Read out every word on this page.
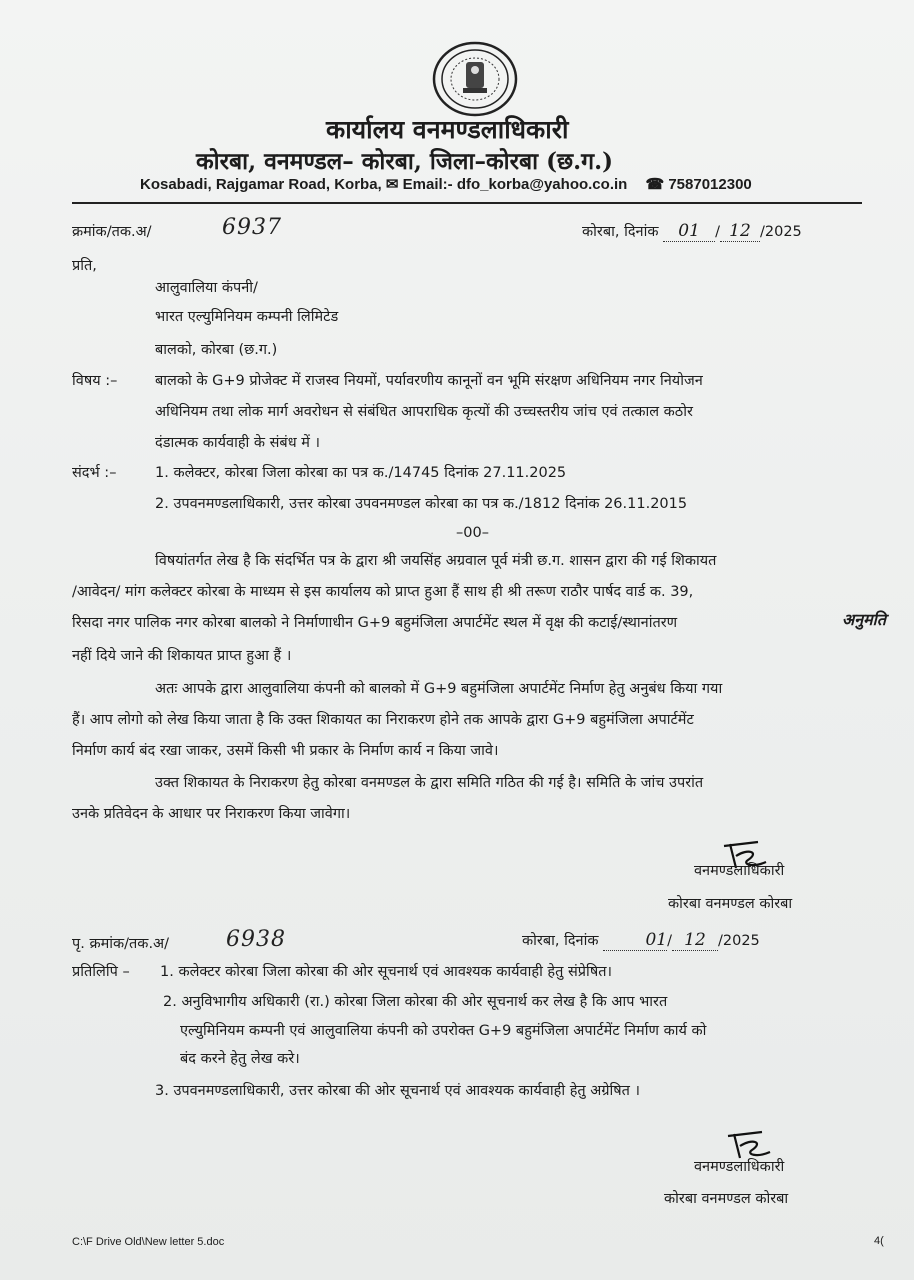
कार्यालय वनमण्डलाधिकारी
कोरबा, वनमण्डल– कोरबा, जिला–कोरबा (छ.ग.)
Kosabadi, Rajgamar Road, Korba, ✉ Email:- dfo_korba@yahoo.co.in ☎ 7587012300
क्रमांक/तक.अ/	6937	कोरबा, दिनांक 01 / 12 /2025
प्रति,
आलुवालिया कंपनी/
भारत एल्युमिनियम कम्पनी लिमिटेड
बालको, कोरबा (छ.ग.)
विषय :–	बालको के G+9 प्रोजेक्ट में राजस्व नियमों, पर्यावरणीय कानूनों वन भूमि संरक्षण अधिनियम नगर नियोजन
अधिनियम तथा लोक मार्ग अवरोधन से संबंधित आपराधिक कृत्यों की उच्चस्तरीय जांच एवं तत्काल कठोर
दंडात्मक कार्यवाही के संबंध में ।
संदर्भ :–	1. कलेक्टर, कोरबा जिला कोरबा का पत्र क./14745 दिनांक 27.11.2025
2. उपवनमण्डलाधिकारी, उत्तर कोरबा उपवनमण्डल कोरबा का पत्र क./1812 दिनांक 26.11.2015
–00–
विषयांतर्गत लेख है कि संदर्भित पत्र के द्वारा श्री जयसिंह अग्रवाल पूर्व मंत्री छ.ग. शासन द्वारा की गई शिकायत
/आवेदन/ मांग कलेक्टर कोरबा के माध्यम से इस कार्यालय को प्राप्त हुआ हैं साथ ही श्री तरूण राठौर पार्षद वार्ड क. 39,
रिसदा नगर पालिक नगर कोरबा बालको ने निर्माणाधीन G+9 बहुमंजिला अपार्टमेंट स्थल में वृक्ष की कटाई/स्थानांतरण	अनुमति
नहीं दिये जाने की शिकायत प्राप्त हुआ हैं ।
अतः आपके द्वारा आलुवालिया कंपनी को बालको में G+9 बहुमंजिला अपार्टमेंट निर्माण हेतु अनुबंध किया गया
हैं। आप लोगो को लेख किया जाता है कि उक्त शिकायत का निराकरण होने तक आपके द्वारा G+9 बहुमंजिला अपार्टमेंट
निर्माण कार्य बंद रखा जाकर, उसमें किसी भी प्रकार के निर्माण कार्य न किया जावे।
उक्त शिकायत के निराकरण हेतु कोरबा वनमण्डल के द्वारा समिति गठित की गई है। समिति के जांच उपरांत
उनके प्रतिवेदन के आधार पर निराकरण किया जावेगा।
वनमण्डलाधिकारी
कोरबा वनमण्डल कोरबा
पृ. क्रमांक/तक.अ/	6938	कोरबा, दिनांक	01/ 12 /2025
प्रतिलिपि – 1. कलेक्टर कोरबा जिला कोरबा की ओर सूचनार्थ एवं आवश्यक कार्यवाही हेतु संप्रेषित।
2. अनुविभागीय अधिकारी (रा.) कोरबा जिला कोरबा की ओर सूचनार्थ कर लेख है कि आप भारत
एल्युमिनियम कम्पनी एवं आलुवालिया कंपनी को उपरोक्त G+9 बहुमंजिला अपार्टमेंट निर्माण कार्य को
बंद करने हेतु लेख करे।
3. उपवनमण्डलाधिकारी, उत्तर कोरबा की ओर सूचनार्थ एवं आवश्यक कार्यवाही हेतु अग्रेषित ।
वनमण्डलाधिकारी
कोरबा वनमण्डल कोरबा
C:\F Drive Old\New letter 5.doc	4(
